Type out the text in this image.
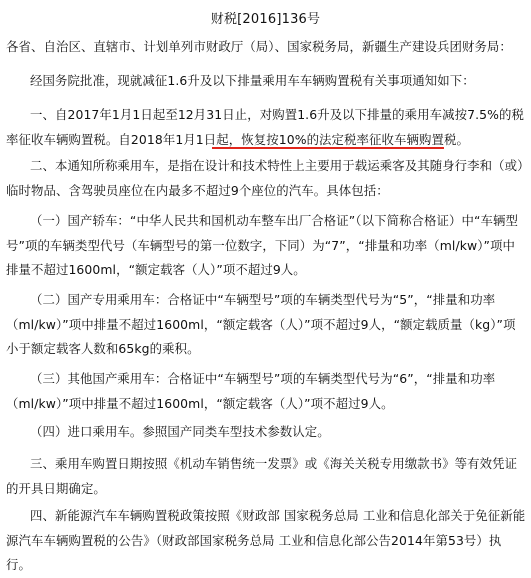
财税[2016]136号
各省、自治区、直辖市、计划单列市财政厅（局）、国家税务局，新疆生产建设兵团财务局：
经国务院批准，现就减征1.6升及以下排量乘用车车辆购置税有关事项通知如下：
一、自2017年1月1日起至12月31日止，对购置1.6升及以下排量的乘用车减按7.5%的税率征收车辆购置税。自2018年1月1日起，恢复按10%的法定税率征收车辆购置税。
二、本通知所称乘用车，是指在设计和技术特性上主要用于载运乘客及其随身行李和（或）临时物品、含驾驶员座位在内最多不超过9个座位的汽车。具体包括：
（一）国产轿车：“中华人民共和国机动车整车出厂合格证”（以下简称合格证）中“车辆型号”项的车辆类型代号（车辆型号的第一位数字，下同）为“7”，“排量和功率（ml/kw）”项中排量不超过1600ml，“额定载客（人）”项不超过9人。
（二）国产专用乘用车：合格证中“车辆型号”项的车辆类型代号为“5”，“排量和功率（ml/kw）”项中排量不超过1600ml，“额定载客（人）”项不超过9人，“额定载质量（kg）”项小于额定载客人数和65kg的乘积。
（三）其他国产乘用车：合格证中“车辆型号”项的车辆类型代号为“6”，“排量和功率（ml/kw）”项中排量不超过1600ml，“额定载客（人）”项不超过9人。
（四）进口乘用车。参照国产同类车型技术参数认定。
三、乘用车购置日期按照《机动车销售统一发票》或《海关关税专用缴款书》等有效凭证的开具日期确定。
四、新能源汽车车辆购置税政策按照《财政部 国家税务总局 工业和信息化部关于免征新能源汽车车辆购置税的公告》（财政部国家税务总局 工业和信息化部公告2014年第53号）执行。
